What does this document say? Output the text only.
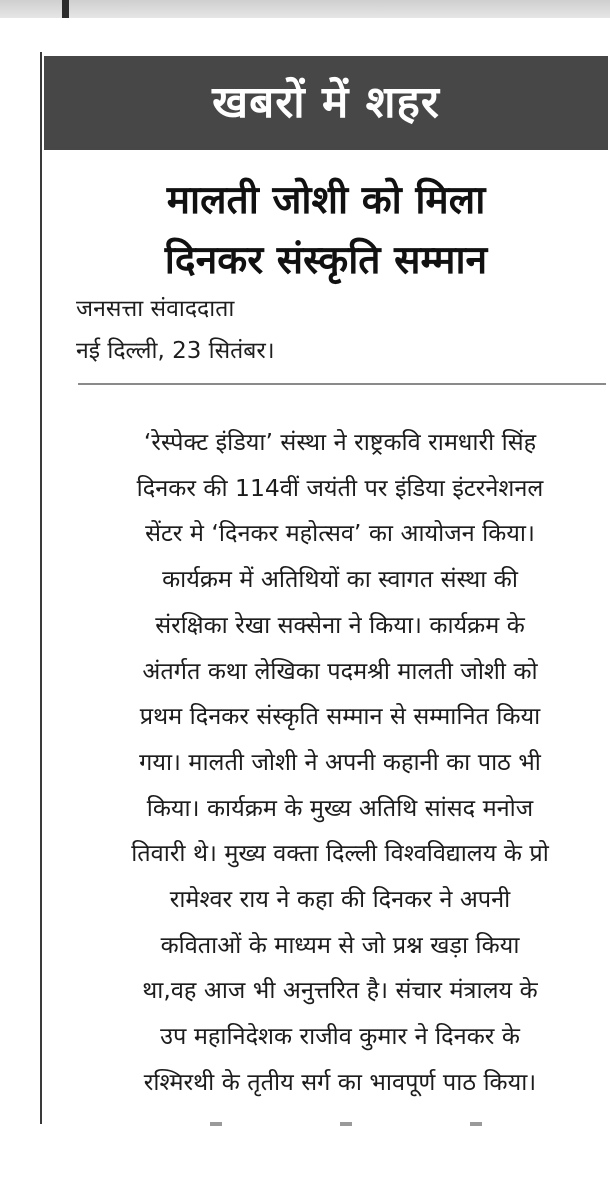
खबरों में शहर
मालती जोशी को मिला
दिनकर संस्कृति सम्मान
जनसत्ता संवाददाता
नई दिल्ली, 23 सितंबर।
‘रेस्पेक्ट इंडिया’ संस्था ने राष्ट्रकवि रामधारी सिंह
दिनकर की 114वीं जयंती पर इंडिया इंटरनेशनल
सेंटर मे ‘दिनकर महोत्सव’ का आयोजन किया।
कार्यक्रम में अतिथियों का स्वागत संस्था की
संरक्षिका रेखा सक्सेना ने किया। कार्यक्रम के
अंतर्गत कथा लेखिका पदमश्री मालती जोशी को
प्रथम दिनकर संस्कृति सम्मान से सम्मानित किया
गया। मालती जोशी ने अपनी कहानी का पाठ भी
किया। कार्यक्रम के मुख्य अतिथि सांसद मनोज
तिवारी थे। मुख्य वक्ता दिल्ली विश्वविद्यालय के प्रो
रामेश्वर राय ने कहा की दिनकर ने अपनी
कविताओं के माध्यम से जो प्रश्न खड़ा किया
था,वह आज भी अनुत्तरित है। संचार मंत्रालय के
उप महानिदेशक राजीव कुमार ने दिनकर के
रश्मिरथी के तृतीय सर्ग का भावपूर्ण पाठ किया।
